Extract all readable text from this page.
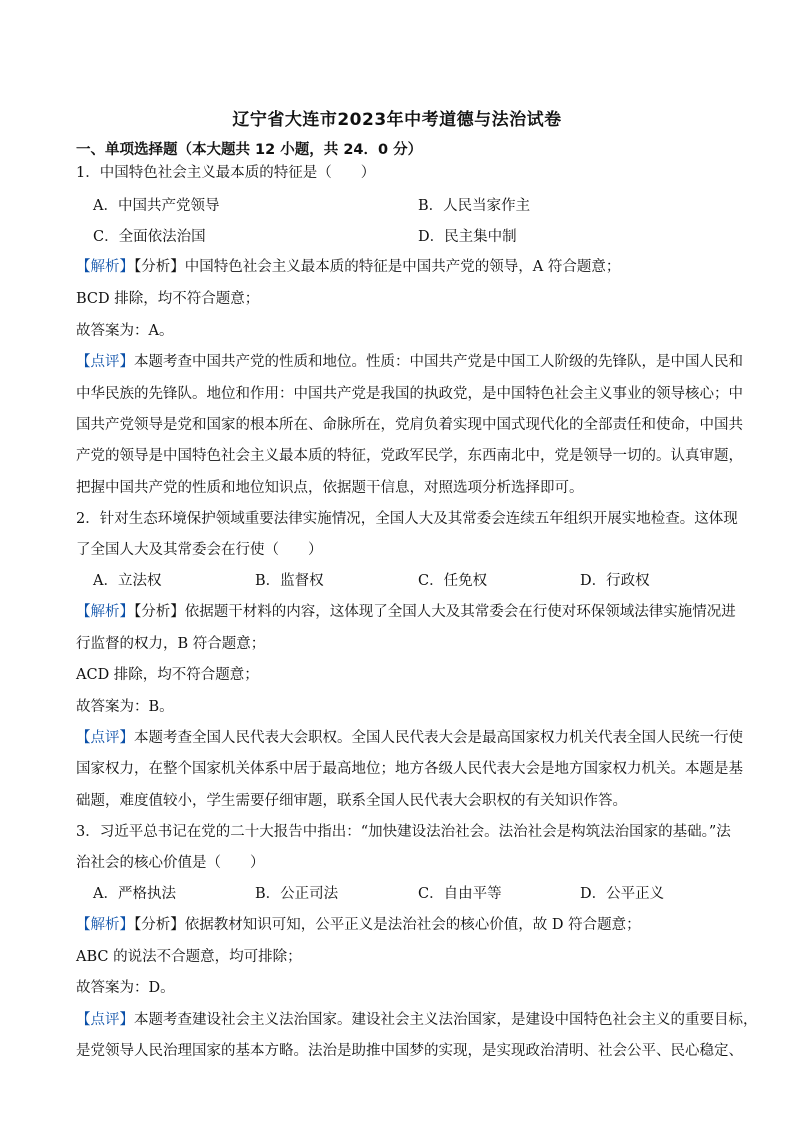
辽宁省大连市2023年中考道德与法治试卷
一、单项选择题（本大题共 12 小题，共 24．0 分）
1．中国特色社会主义最本质的特征是（　　）
A．中国共产党领导	B．人民当家作主
C．全面依法治国	D．民主集中制
【解析】【分析】中国特色社会主义最本质的特征是中国共产党的领导，A 符合题意；
BCD 排除，均不符合题意；
故答案为：A。
【点评】本题考查中国共产党的性质和地位。性质：中国共产党是中国工人阶级的先锋队，是中国人民和
中华民族的先锋队。地位和作用：中国共产党是我国的执政党，是中国特色社会主义事业的领导核心；中
国共产党领导是党和国家的根本所在、命脉所在，党肩负着实现中国式现代化的全部责任和使命，中国共
产党的领导是中国特色社会主义最本质的特征，党政军民学，东西南北中，党是领导一切的。认真审题，
把握中国共产党的性质和地位知识点，依据题干信息，对照选项分析选择即可。
2．针对生态环境保护领域重要法律实施情况，全国人大及其常委会连续五年组织开展实地检查。这体现
了全国人大及其常委会在行使（　　）
A．立法权	B．监督权	C．任免权	D．行政权
【解析】【分析】依据题干材料的内容，这体现了全国人大及其常委会在行使对环保领域法律实施情况进
行监督的权力，B 符合题意；
ACD 排除，均不符合题意；
故答案为：B。
【点评】本题考查全国人民代表大会职权。全国人民代表大会是最高国家权力机关代表全国人民统一行使
国家权力，在整个国家机关体系中居于最高地位；地方各级人民代表大会是地方国家权力机关。本题是基
础题，难度值较小，学生需要仔细审题，联系全国人民代表大会职权的有关知识作答。
3．习近平总书记在党的二十大报告中指出：“加快建设法治社会。法治社会是构筑法治国家的基础。”法
治社会的核心价值是（　　）
A．严格执法	B．公正司法	C．自由平等	D．公平正义
【解析】【分析】依据教材知识可知，公平正义是法治社会的核心价值，故 D 符合题意；
ABC 的说法不合题意，均可排除；
故答案为：D。
【点评】本题考查建设社会主义法治国家。建设社会主义法治国家，是建设中国特色社会主义的重要目标，
是党领导人民治理国家的基本方略。法治是助推中国梦的实现，是实现政治清明、社会公平、民心稳定、
